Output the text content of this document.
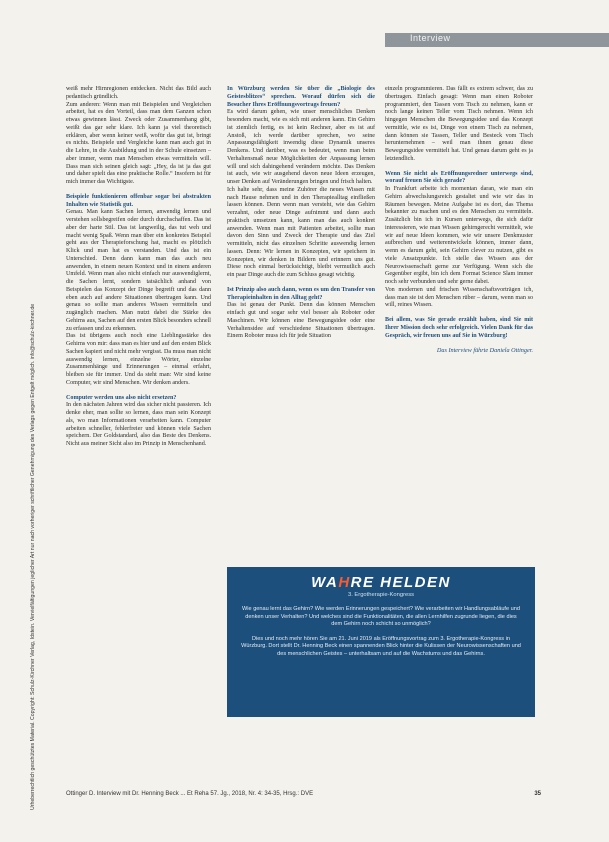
Interview
Urheberrechtlich geschütztes Material. Copyright: Schulz-Kirchner Verlag, Idstein. Vervielfältigungen jeglicher Art nur nach vorheriger schriftlicher Genehmigung des Verlags gegen Entgelt möglich. info@schulz-kirchner.de

weiß mehr Hirnregionen entdecken. Nicht das Bild auch pedantisch gründlich.

Zum anderen: Wenn man mit Beispielen und Vergleichen arbeitet, hat es den Vorteil, dass man dem Ganzen schon etwas gewinnen lässt. Zweck oder Zusammenhang gibt, weißt das gar sehr klare. Ich kann ja viel theoretisch erklären, aber wenn keiner weiß, wofür das gut ist, bringt es nichts. Beispiele und Vergleiche kann man auch gut in die Lehre, in die Ausbildung und in der Schule einsetzen – aber immer, wenn man Menschen etwas vermitteln will. Dass man sich seinen gleich sagt: „Hey, da ist ja das gut und daher spielt das eine praktische Rolle.“ Insofern ist für mich immer das Wichtigste.

Beispiele funktionieren offenbar sogar bei abstrakten Inhalten wie Statistik gut.

Genau. Man kann Sachen lernen, anwendig lernen und verstehen sollsbegreifen oder durch durchschaffen. Das ist aber der harte Stil. Das ist langweilig, das tut weh und macht wenig Spaß. Wenn man über ein konkretes Beispiel geht aus der Therapieforschung hat, macht es plötzlich Klick und man hat es verstanden. Und das ist ein Unterschied. Denn dann kann man das auch neu anwenden, in einem neuen Kontext und in einem anderen Umfeld. Wenn man also nicht einfach nur auswendiglernt, die Sachen lernt, sondern tatsächlich anhand von Beispielen das Konzept der Dinge begreift und das dann eben auch auf andere Situationen übertragen kann. Und genau so sollte man anderes Wissen vermitteln und zugänglich machen. Man nutzt dabei die Stärke des Gehirns aus, Sachen auf den ersten Blick besonders schnell zu erfassen und zu erkennen.

Das ist übrigens auch noch eine Lieblingsstärke des Gehirns von mir: dass man es hier und auf den ersten Blick Sachen kapiert und nicht mehr vergisst. Da muss man nicht auswendig lernen, einzelne Wörter, einzelne Zusammenhänge und Erinnerungen – einmal erfahrt, bleiben sie für immer. Und da steht man: Wir sind keine Computer, wir sind Menschen. Wir denken anders.

Computer werden uns also nicht ersetzen?

In den nächsten Jahren wird das sicher nicht passieren. Ich denke eher, man sollte so lernen, dass man sein Konzept als, wo man Informationen verarbeiten kann. Computer arbeiten schneller, fehlerfreier und können viele Sachen speichern. Der Goldstandard, also das Beste des Denkens. Nicht aus meiner Sicht also im Prinzip in Menschenhand.

In Würzburg werden Sie über die „Biologie des Geistesblitzes“ sprechen. Worauf dürfen sich die Besucher Ihres Eröffnungsvortrags freuen?

Es wird darum gehen, wie unser menschliches Denken besonders macht, wie es sich mit anderen kann. Ein Gehirn ist ziemlich fertig, es ist kein Rechner, aber es ist auf Anstoß, ich werde darüber sprechen, wo seine Anpassungsfähigkeit inwendig diese Dynamik unseres Denkens. Und darüber, was es bedeutet, wenn man beim Verhaltensmaß neue Möglichkeiten der Anpassung lernen will und sich dahingehend verändern möchte. Das Denken ist auch, wie wir ausgehend davon neue Ideen erzeugen, unser Denken auf Veränderungen bringen und frisch halten.

Ich halte sehr, dass meine Zuhörer die neues Wissen mit nach Hause nehmen und in den Therapiealltag einfließen lassen können. Denn wenn man versteht, wie das Gehirn verzahnt, oder neue Dinge aufnimmt und dann auch praktisch umsetzen kann, kann man das auch konkret anwenden. Wenn man mit Patienten arbeitet, sollte man davon den Sinn und Zweck der Therapie und das Ziel vermitteln, nicht das einzelnen Schritte auswendig lernen lassen. Denn: Wir lernen in Konzepten, wir speichern in Konzepten, wir denken in Bildern und erinnern uns gut. Diese noch einmal berücksichtigt, bleibt vermutlich auch ein paar Dinge auch die zum Schluss gesagt wichtig.

Ist Prinzip also auch dann, wenn es um den Transfer von Therapieinhalten in den Alltag geht?

Das ist genau der Punkt. Denn das können Menschen einfach gut und sogar sehr viel besser als Roboter oder Maschinen. Wir können eine Bewegungsidee oder eine Verhaltensidee auf verschiedene Situationen übertragen. Einem Roboter muss ich für jede Situation

einzeln programmieren. Das fällt es extrem schwer, das zu übertragen. Einfach gesagt: Wenn man einen Roboter programmiert, den Tassen vom Tisch zu nehmen, kann er noch lange keinen Teller vom Tisch nehmen. Wenn ich hingegen Menschen die Bewegungsidee und das Konzept vermittle, wie es ist, Dinge von einem Tisch zu nehmen, dann können sie Tassen, Teller und Besteck vom Tisch herunternehmen – weil man ihnen genau diese Bewegungsidee vermittelt hat. Und genau darum geht es ja letztendlich.

Wenn Sie nicht als Eröffnungsredner unterwegs sind, worauf freuen Sie sich gerade?

In Frankfurt arbeite ich momentan daran, wie man ein Gehirn abwechslungsreich gestaltet und wie wir das in Räumen bewegen. Meine Aufgabe ist es dort, das Thema bekannter zu machen und es den Menschen zu vermitteln. Zusätzlich bin ich in Kursen unterwegs, die sich dafür interessieren, wie man Wissen gehirngerecht vermittelt, wie wir auf neue Ideen kommen, wie wir unsere Denkmuster aufbrechen und weiterentwickeln können, immer dann, wenn es darum geht, sein Gehirn clever zu nutzen, gibt es viele Ansatzpunkte. Ich stelle das Wissen aus der Neurowissenschaft gerne zur Verfügung. Wenn sich die Gegenüber ergibt, bin ich dem Format Science Slam immer noch sehr verbunden und sehr gerne dabei.

Von modernen und frischen Wissenschaftsvorträgen ich, dass man sie ist den Menschen rüber – darum, wenn man so will, reines Wissen.

Bei allem, was Sie gerade erzählt haben, sind Sie mit Ihrer Mission doch sehr erfolgreich. Vielen Dank für das Gespräch, wir freuen uns auf Sie in Würzburg!

Das Interview führte Daniela Ottinger.

WAHRE HELDEN
3. Ergotherapie-Kongress
Wie genau lernt das Gehirn? Wie werden Erinnerungen gespeichert? Wie verarbeiten wir Handlungsabläufe und denken unser Verhalten? Und welches sind die Funktionalitäten, die allen Lernhilfen zugrunde liegen, die dies dem Gehirn noch schicht so unmöglich?
Dies und noch mehr hören Sie am 21. Juni 2019 als Eröffnungsvortrag zum 3. Ergotherapie-Kongress in Würzburg. Dort stellt Dr. Henning Beck einen spannenden Blick hinter die Kulissen der Neurowissenschaften und des menschlichen Geistes – unterhaltsam und auf die Wachstums und das Gehirns.
Ottinger D. Interview mit Dr. Henning Beck ... Et Reha 57. Jg., 2018, Nr. 4: 34-35, Hrsg.: DVE	35
